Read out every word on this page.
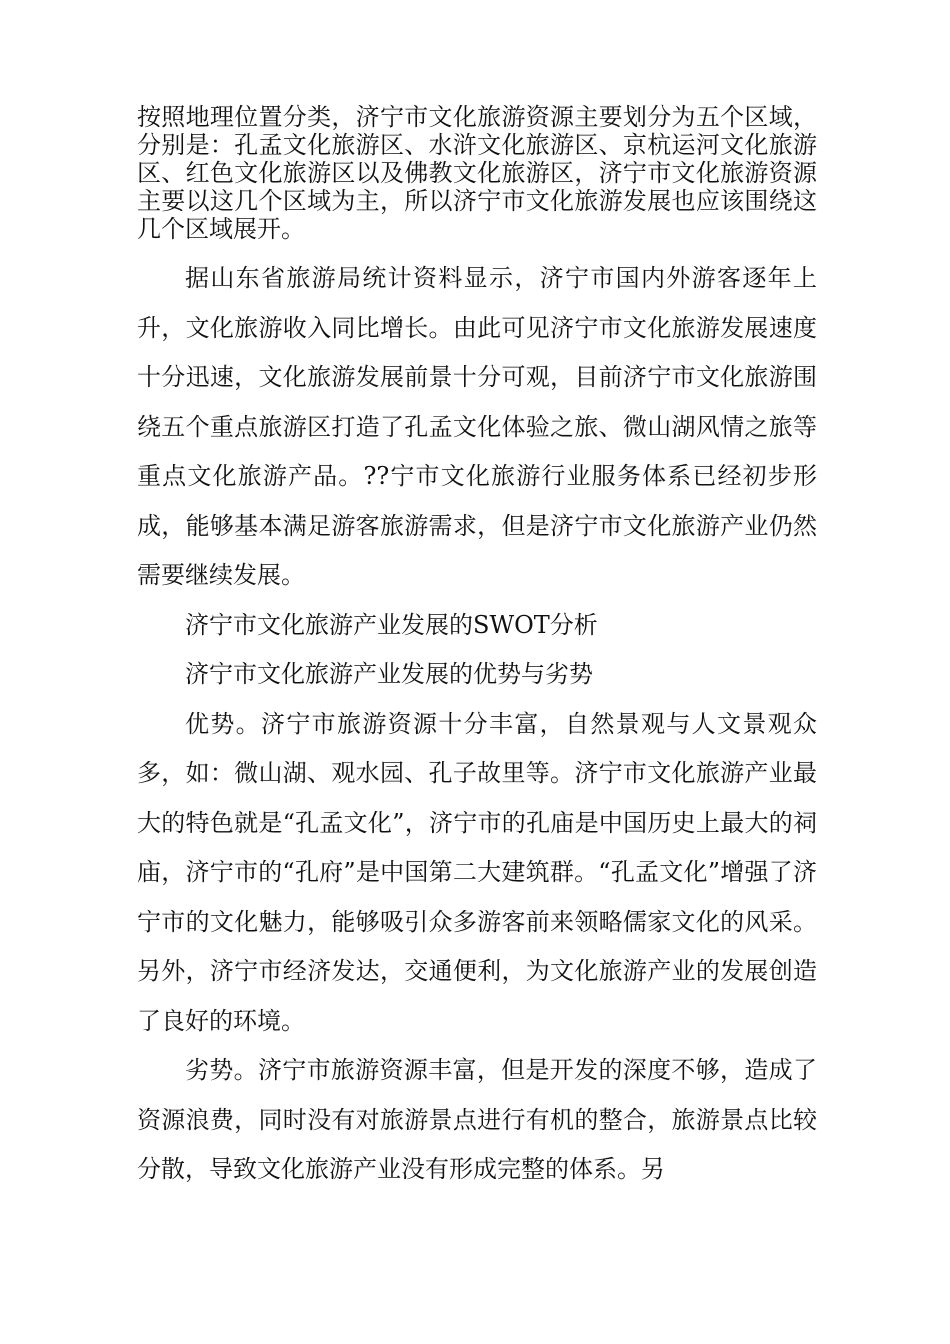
按照地理位置分类，济宁市文化旅游资源主要划分为五个区域，分别是：孔孟文化旅游区、水浒文化旅游区、京杭运河文化旅游区、红色文化旅游区以及佛教文化旅游区，济宁市文化旅游资源主要以这几个区域为主，所以济宁市文化旅游发展也应该围绕这几个区域展开。

据山东省旅游局统计资料显示，济宁市国内外游客逐年上升，文化旅游收入同比增长。由此可见济宁市文化旅游发展速度十分迅速，文化旅游发展前景十分可观，目前济宁市文化旅游围绕五个重点旅游区打造了孔孟文化体验之旅、微山湖风情之旅等重点文化旅游产品。??宁市文化旅游行业服务体系已经初步形成，能够基本满足游客旅游需求，但是济宁市文化旅游产业仍然需要继续发展。

济宁市文化旅游产业发展的SWOT分析

济宁市文化旅游产业发展的优势与劣势

优势。济宁市旅游资源十分丰富，自然景观与人文景观众多，如：微山湖、观水园、孔子故里等。济宁市文化旅游产业最大的特色就是“孔孟文化”，济宁市的孔庙是中国历史上最大的祠庙，济宁市的“孔府”是中国第二大建筑群。“孔孟文化”增强了济宁市的文化魅力，能够吸引众多游客前来领略儒家文化的风采。另外，济宁市经济发达，交通便利，为文化旅游产业的发展创造了良好的环境。

劣势。济宁市旅游资源丰富，但是开发的深度不够，造成了资源浪费，同时没有对旅游景点进行有机的整合，旅游景点比较分散，导致文化旅游产业没有形成完整的体系。另
